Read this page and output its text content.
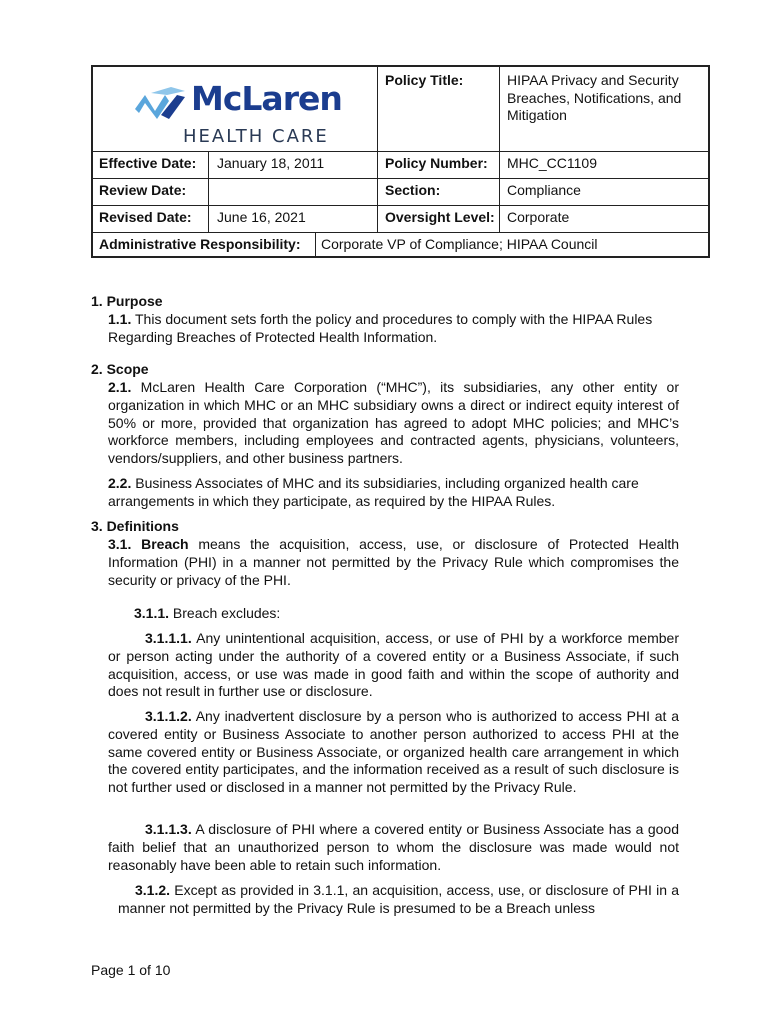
McLaren
HEALTH CARE
Policy Title:	HIPAA Privacy and Security Breaches, Notifications, and Mitigation
Effective Date: January 18, 2011	Policy Number: MHC_CC1109
Review Date:	Section:	Compliance
Revised Date: June 16, 2021	Oversight Level: Corporate
Administrative Responsibility: Corporate VP of Compliance; HIPAA Council
1. Purpose
1.1. This document sets forth the policy and procedures to comply with the HIPAA Rules Regarding Breaches of Protected Health Information.
2. Scope
2.1. McLaren Health Care Corporation (“MHC”), its subsidiaries, any other entity or organization in which MHC or an MHC subsidiary owns a direct or indirect equity interest of 50% or more, provided that organization has agreed to adopt MHC policies; and MHC’s workforce members, including employees and contracted agents, physicians, volunteers, vendors/suppliers, and other business partners.
2.2. Business Associates of MHC and its subsidiaries, including organized health care arrangements in which they participate, as required by the HIPAA Rules.
3. Definitions
3.1. Breach means the acquisition, access, use, or disclosure of Protected Health Information (PHI) in a manner not permitted by the Privacy Rule which compromises the security or privacy of the PHI.
3.1.1. Breach excludes:
3.1.1.1. Any unintentional acquisition, access, or use of PHI by a workforce member or person acting under the authority of a covered entity or a Business Associate, if such acquisition, access, or use was made in good faith and within the scope of authority and does not result in further use or disclosure.
3.1.1.2. Any inadvertent disclosure by a person who is authorized to access PHI at a covered entity or Business Associate to another person authorized to access PHI at the same covered entity or Business Associate, or organized health care arrangement in which the covered entity participates, and the information received as a result of such disclosure is not further used or disclosed in a manner not permitted by the Privacy Rule.
3.1.1.3. A disclosure of PHI where a covered entity or Business Associate has a good faith belief that an unauthorized person to whom the disclosure was made would not reasonably have been able to retain such information.
3.1.2. Except as provided in 3.1.1, an acquisition, access, use, or disclosure of PHI in a manner not permitted by the Privacy Rule is presumed to be a Breach unless
Page 1 of 10
